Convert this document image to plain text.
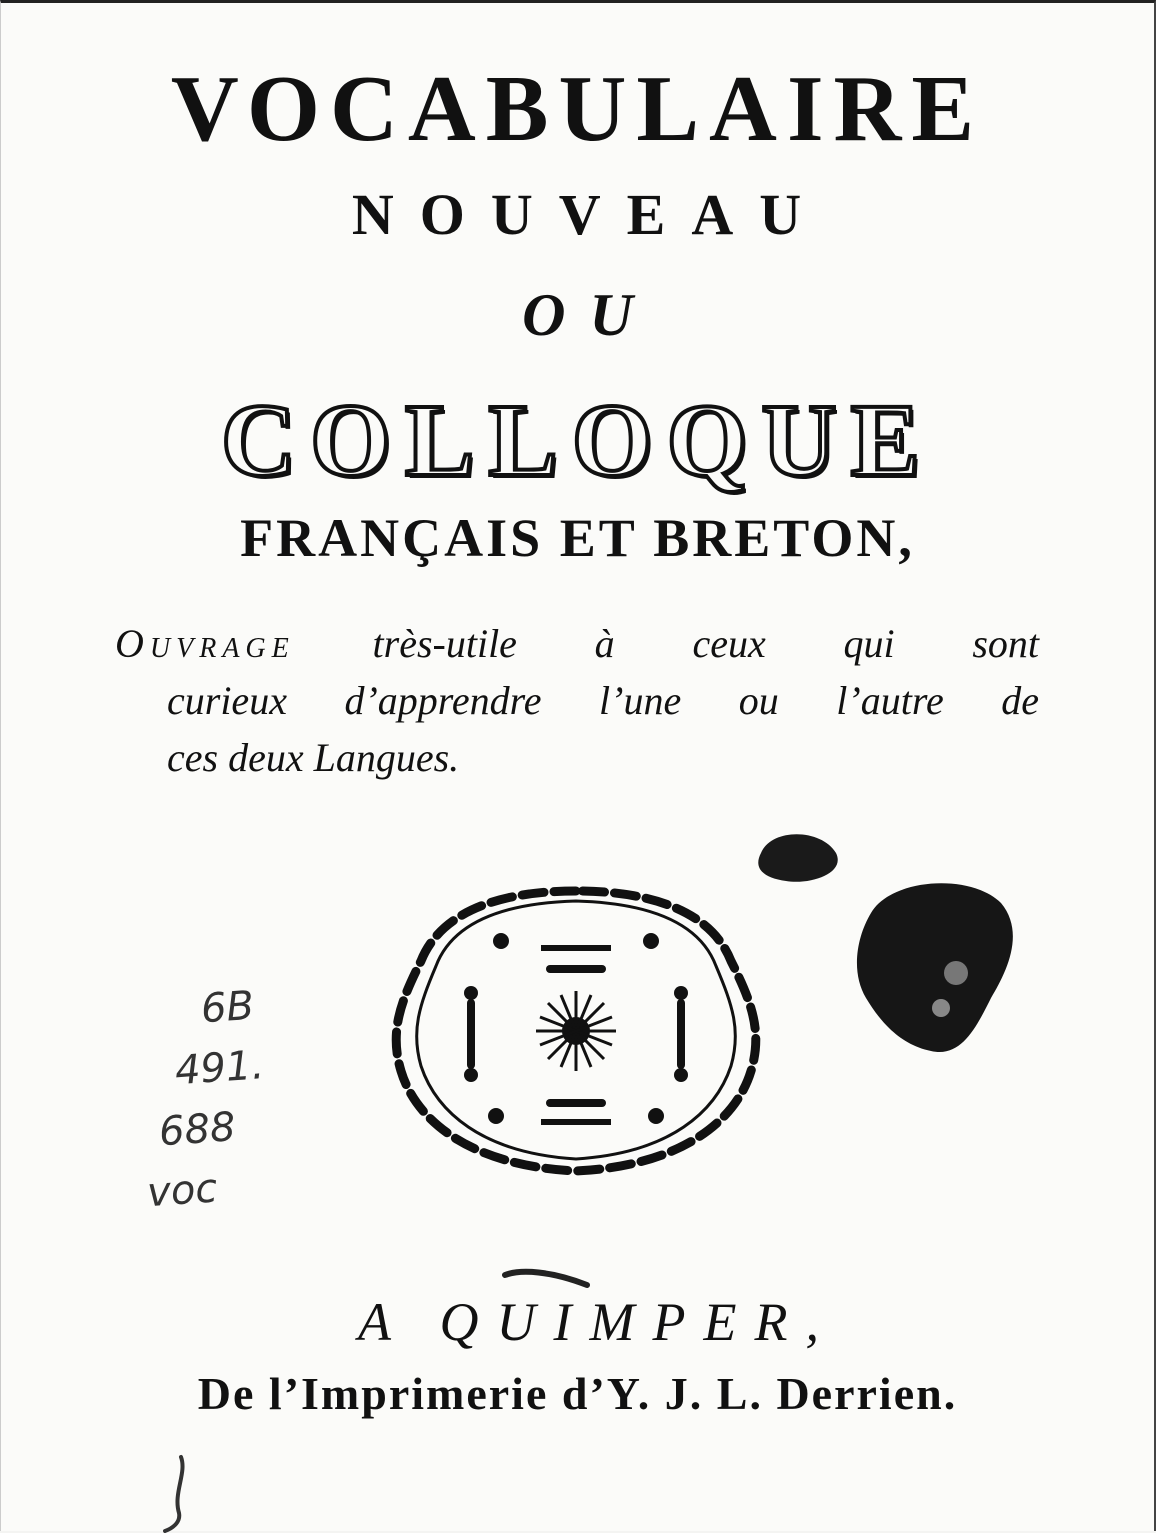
VOCABULAIRE
NOUVEAU
OU
COLLOQUE
FRANÇAIS ET BRETON,
Ouvrage très-utile à ceux qui sont
curieux d’apprendre l’une ou l’autre de
ces deux Langues.
6B
491.
688
voc
A QUIMPER,
De l’Imprimerie d’Y. J. L. Derrien.
